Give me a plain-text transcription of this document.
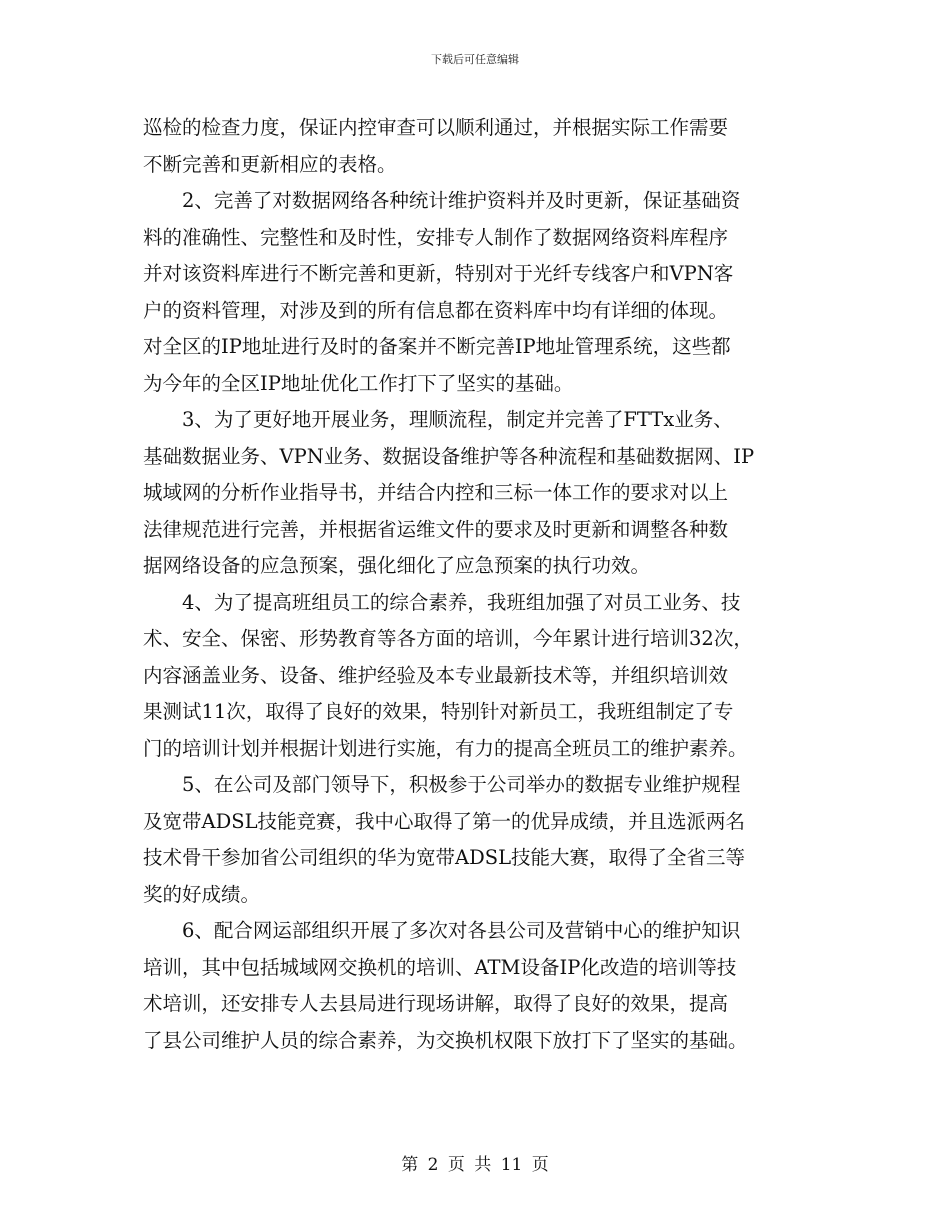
下载后可任意编辑
巡检的检查力度，保证内控审查可以顺利通过，并根据实际工作需要
不断完善和更新相应的表格。
2、完善了对数据网络各种统计维护资料并及时更新，保证基础资
料的准确性、完整性和及时性，安排专人制作了数据网络资料库程序
并对该资料库进行不断完善和更新，特别对于光纤专线客户和VPN客
户的资料管理，对涉及到的所有信息都在资料库中均有详细的体现。
对全区的IP地址进行及时的备案并不断完善IP地址管理系统，这些都
为今年的全区IP地址优化工作打下了坚实的基础。
3、为了更好地开展业务，理顺流程，制定并完善了FTTx业务、
基础数据业务、VPN业务、数据设备维护等各种流程和基础数据网、IP
城域网的分析作业指导书，并结合内控和三标一体工作的要求对以上
法律规范进行完善，并根据省运维文件的要求及时更新和调整各种数
据网络设备的应急预案，强化细化了应急预案的执行功效。
4、为了提高班组员工的综合素养，我班组加强了对员工业务、技
术、安全、保密、形势教育等各方面的培训，今年累计进行培训32次，
内容涵盖业务、设备、维护经验及本专业最新技术等，并组织培训效
果测试11次，取得了良好的效果，特别针对新员工，我班组制定了专
门的培训计划并根据计划进行实施，有力的提高全班员工的维护素养。
5、在公司及部门领导下，积极参于公司举办的数据专业维护规程
及宽带ADSL技能竞赛，我中心取得了第一的优异成绩，并且选派两名
技术骨干参加省公司组织的华为宽带ADSL技能大赛，取得了全省三等
奖的好成绩。
6、配合网运部组织开展了多次对各县公司及营销中心的维护知识
培训，其中包括城域网交换机的培训、ATM设备IP化改造的培训等技
术培训，还安排专人去县局进行现场讲解，取得了良好的效果，提高
了县公司维护人员的综合素养，为交换机权限下放打下了坚实的基础。
第 2 页 共 11 页
